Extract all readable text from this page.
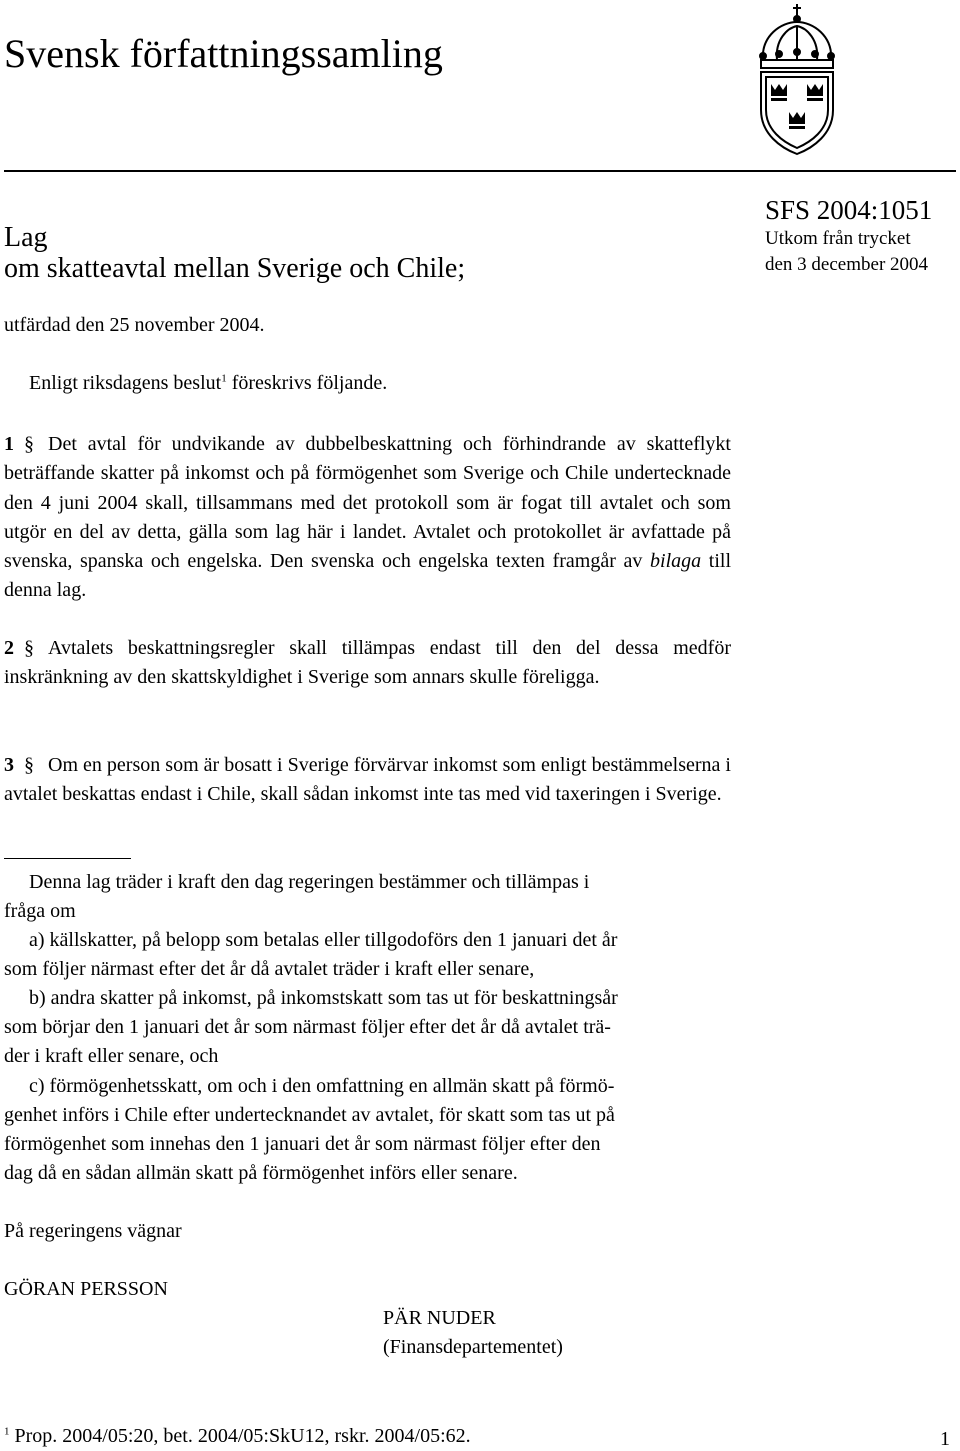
Svensk författningssamling
Lag
om skatteavtal mellan Sverige och Chile;
SFS 2004:1051
Utkom från trycket
den 3 december 2004
utfärdad den 25 november 2004.
Enligt riksdagens beslut$^1$ föreskrivs följande.

1 § Det avtal för undvikande av dubbelbeskattning och förhindrande av skatteflykt beträffande skatter på inkomst och på förmögenhet som Sverige och Chile undertecknade den 4 juni 2004 skall, tillsammans med det protokoll som är fogat till avtalet och som utgör en del av detta, gälla som lag här i landet. Avtalet och protokollet är avfattade på svenska, spanska och engelska. Den svenska och engelska texten framgår av bilaga till denna lag.

2 § Avtalets beskattningsregler skall tillämpas endast till den del dessa medför inskränkning av den skattskyldighet i Sverige som annars skulle föreligga.

3 § Om en person som är bosatt i Sverige förvärvar inkomst som enligt bestämmelserna i avtalet beskattas endast i Chile, skall sådan inkomst inte tas med vid taxeringen i Sverige.

Denna lag träder i kraft den dag regeringen bestämmer och tillämpas i
fråga om
a) källskatter, på belopp som betalas eller tillgodoförs den 1 januari det år
som följer närmast efter det år då avtalet träder i kraft eller senare,
b) andra skatter på inkomst, på inkomstskatt som tas ut för beskattningsår
som börjar den 1 januari det år som närmast följer efter det år då avtalet trä-
der i kraft eller senare, och
c) förmögenhetsskatt, om och i den omfattning en allmän skatt på förmö-
genhet införs i Chile efter undertecknandet av avtalet, för skatt som tas ut på
förmögenhet som innehas den 1 januari det år som närmast följer efter den
dag då en sådan allmän skatt på förmögenhet införs eller senare.
På regeringens vägnar
GÖRAN PERSSON
PÄR NUDER
(Finansdepartementet)
$^1$ Prop. 2004/05:20, bet. 2004/05:SkU12, rskr. 2004/05:62.	1
